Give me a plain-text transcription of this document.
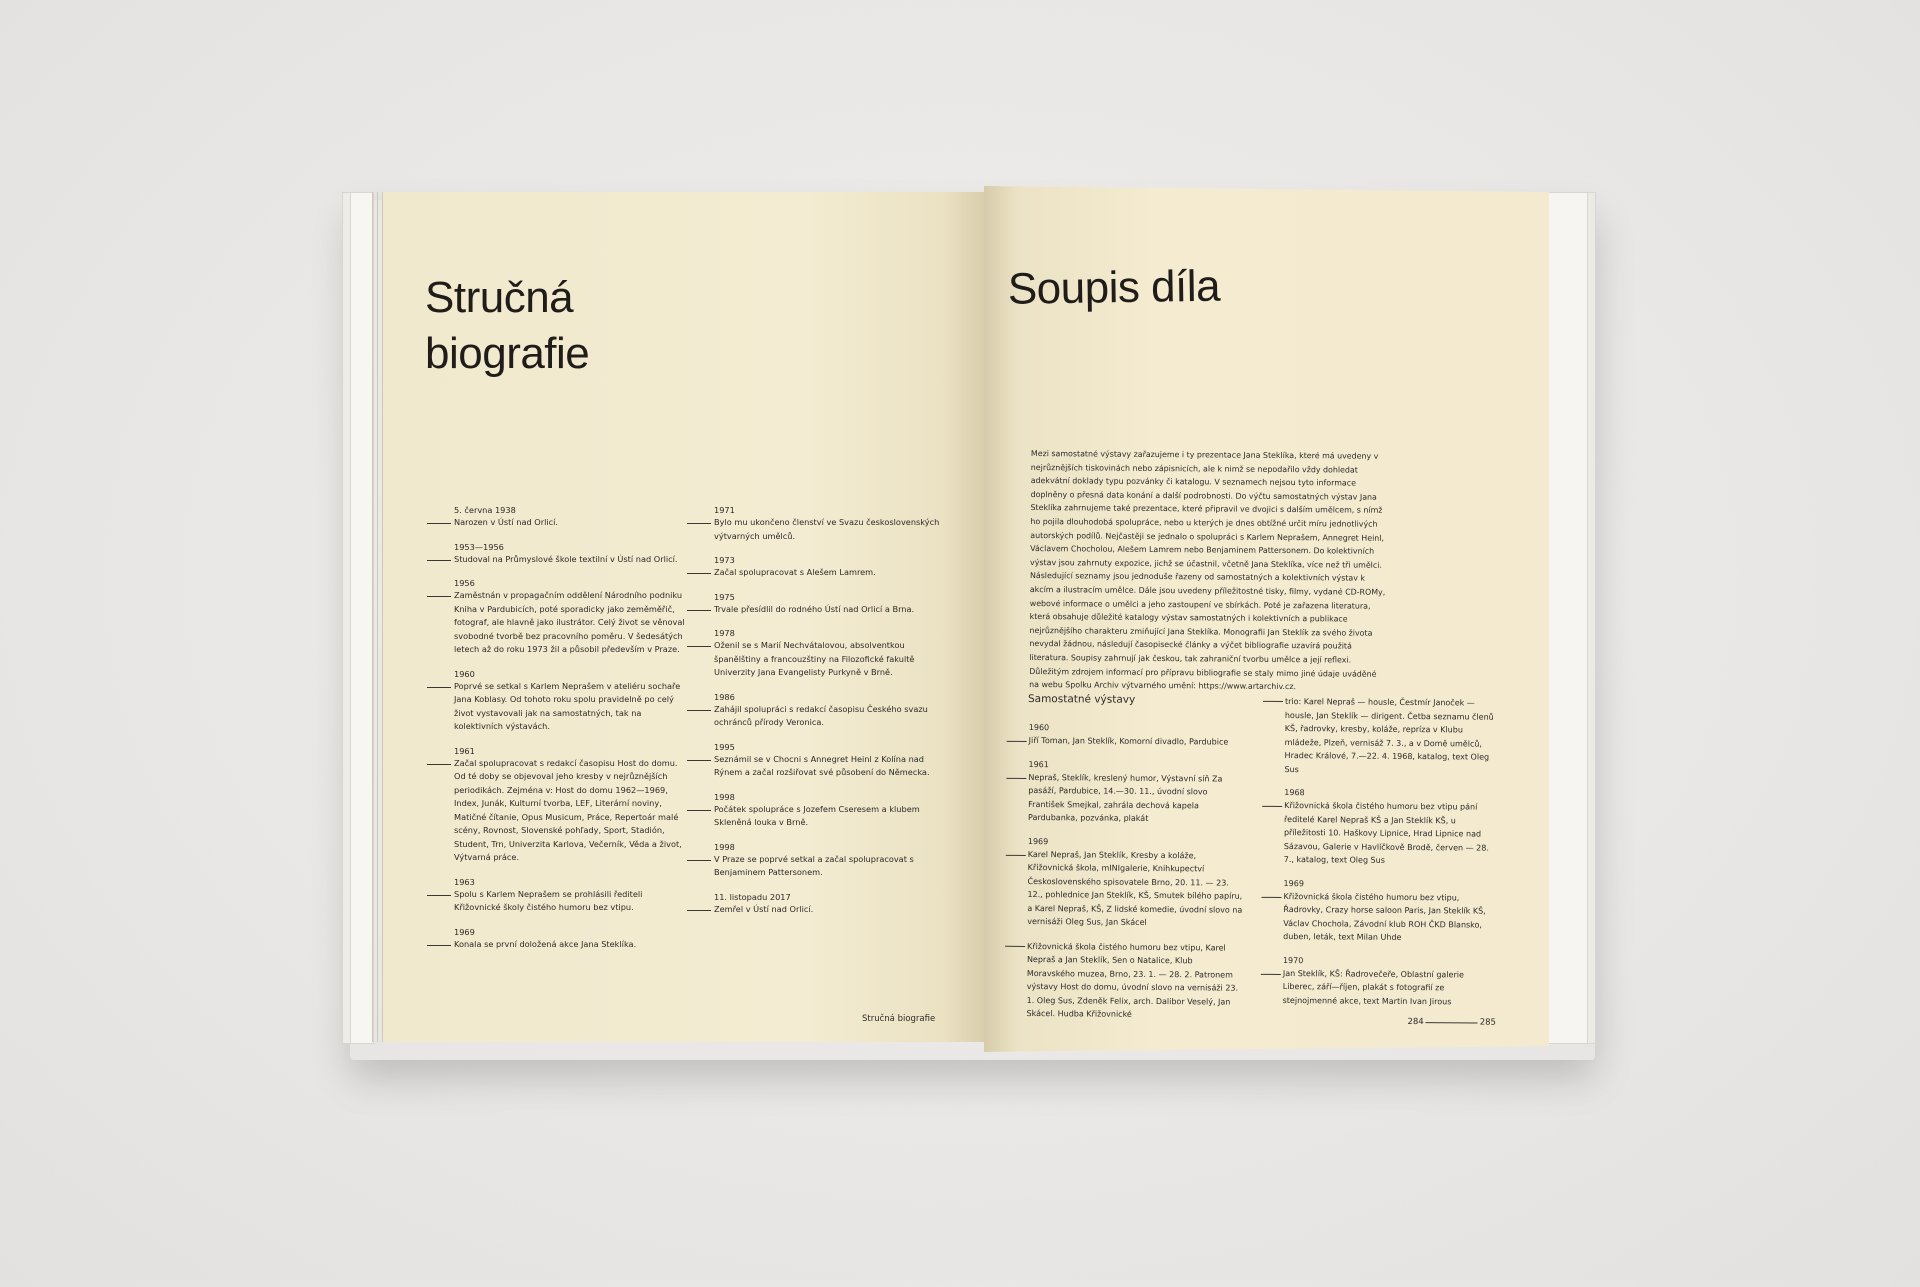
Stručná
biografie
5. června 1938
Narozen v Ústí nad Orlicí.
1953—1956
Studoval na Průmyslové škole textilní v Ústí nad Orlicí.
1956
Zaměstnán v propagačním oddělení Národního podniku Kniha v Pardubicích, poté sporadicky jako zeměměřič, fotograf, ale hlavně jako ilustrátor. Celý život se věnoval svobodné tvorbě bez pracovního poměru. V šedesátých letech až do roku 1973 žil a působil především v Praze.
1960
Poprvé se setkal s Karlem Neprašem v ateliéru sochaře Jana Koblasy. Od tohoto roku spolu pravidelně po celý život vystavovali jak na samostatných, tak na kolektivních výstavách.
1961
Začal spolupracovat s redakcí časopisu Host do domu. Od té doby se objevoval jeho kresby v nejrůznějších periodikách. Zejména v: Host do domu 1962—1969, Index, Junák, Kulturní tvorba, LEF, Literární noviny, Matičné čítanie, Opus Musicum, Práce, Repertoár malé scény, Rovnost, Slovenské pohľady, Sport, Stadión, Student, Trn, Univerzita Karlova, Večerník, Věda a život, Výtvarná práce.
1963
Spolu s Karlem Neprašem se prohlásili řediteli Křižovnické školy čistého humoru bez vtipu.
1969
Konala se první doložená akce Jana Steklíka.
1971
Bylo mu ukončeno členství ve Svazu československých výtvarných umělců.
1973
Začal spolupracovat s Alešem Lamrem.
1975
Trvale přesídlil do rodného Ústí nad Orlicí a Brna.
1978
Oženil se s Marií Nechvátalovou, absolventkou španělštiny a francouzštiny na Filozofické fakultě Univerzity Jana Evangelisty Purkyně v Brně.
1986
Zahájil spolupráci s redakcí časopisu Českého svazu ochránců přírody Veronica.
1995
Seznámil se v Chocni s Annegret Heinl z Kolína nad Rýnem a začal rozšiřovat své působení do Německa.
1998
Počátek spolupráce s Jozefem Cseresem a klubem Skleněná louka v Brně.
1998
V Praze se poprvé setkal a začal spolupracovat s Benjaminem Pattersonem.
11. listopadu 2017
Zemřel v Ústí nad Orlicí.
Stručná biografie
Soupis díla
Mezi samostatné výstavy zařazujeme i ty prezentace Jana Steklíka, které má uvedeny v nejrůznějších tiskovinách nebo zápisnicích, ale k nimž se nepodařilo vždy dohledat adekvátní doklady typu pozvánky či katalogu. V seznamech nejsou tyto informace doplněny o přesná data konání a další podrobnosti. Do výčtu samostatných výstav Jana Steklíka zahrnujeme také prezentace, které připravil ve dvojici s dalším umělcem, s nímž ho pojila dlouhodobá spolupráce, nebo u kterých je dnes obtížné určit míru jednotlivých autorských podílů. Nejčastěji se jednalo o spolupráci s Karlem Neprašem, Annegret Heinl, Václavem Chocholou, Alešem Lamrem nebo Benjaminem Pattersonem. Do kolektivních výstav jsou zahrnuty expozice, jichž se účastnil, včetně Jana Steklíka, více než tři umělci. Následující seznamy jsou jednoduše řazeny od samostatných a kolektivních výstav k akcím a ilustracím umělce. Dále jsou uvedeny příležitostné tisky, filmy, vydané CD-ROMy, webové informace o umělci a jeho zastoupení ve sbírkách. Poté je zařazena literatura, která obsahuje důležité katalogy výstav samostatných i kolektivních a publikace nejrůznějšího charakteru zmiňující Jana Steklíka. Monografii Jan Steklík za svého života nevydal žádnou, následují časopisecké články a výčet bibliografie uzavírá použitá literatura. Soupisy zahrnují jak českou, tak zahraniční tvorbu umělce a její reflexi. Důležitým zdrojem informací pro přípravu bibliografie se staly mimo jiné údaje uváděné na webu Spolku Archiv výtvarného umění: https://www.artarchiv.cz.
Samostatné výstavy
1960
Jiří Toman, Jan Steklík, Komorní divadlo, Pardubice
1961
Nepraš, Steklík, kreslený humor, Výstavní síň Za pasáží, Pardubice, 14.—30. 11., úvodní slovo František Smejkal, zahrála dechová kapela Pardubanka, pozvánka, plakát
1969
Karel Nepraš, Jan Steklík, Kresby a koláže, Křižovnická škola, mINIgalerie, Knihkupectví Československého spisovatele Brno, 20. 11. — 23. 12., pohlednice Jan Steklík, KŠ, Smutek bílého papíru, a Karel Nepraš, KŠ, Z lidské komedie, úvodní slovo na vernisáži Oleg Sus, Jan Skácel
Křižovnická škola čistého humoru bez vtipu, Karel Nepraš a Jan Steklík, Sen o Natalice, Klub Moravského muzea, Brno, 23. 1. — 28. 2. Patronem výstavy Host do domu, úvodní slovo na vernisáži 23. 1. Oleg Sus, Zdeněk Felix, arch. Dalibor Veselý, Jan Skácel. Hudba Křižovnické
trio: Karel Nepraš — housle, Čestmír Janoček — housle, Jan Steklík — dirigent. Četba seznamu členů KŠ, řadrovky, kresby, koláže, repríza v Klubu mládeže, Plzeň, vernisáž 7. 3., a v Domě umělců, Hradec Králové, 7.—22. 4. 1968, katalog, text Oleg Sus
1968
Křižovnická škola čistého humoru bez vtipu pání ředitelé Karel Nepraš KŠ a Jan Steklík KŠ, u příležitosti 10. Haškovy Lipnice, Hrad Lipnice nad Sázavou, Galerie v Havlíčkově Brodě, červen — 28. 7., katalog, text Oleg Sus
1969
Křižovnická škola čistého humoru bez vtipu, Řadrovky, Crazy horse saloon Paris, Jan Steklík KŠ, Václav Chochola, Závodní klub ROH ČKD Blansko, duben, leták, text Milan Uhde
1970
Jan Steklík, KŠ: Řadrovečeře, Oblastní galerie Liberec, září—říjen, plakát s fotografií ze stejnojmenné akce, text Martin Ivan Jirous
284	285
